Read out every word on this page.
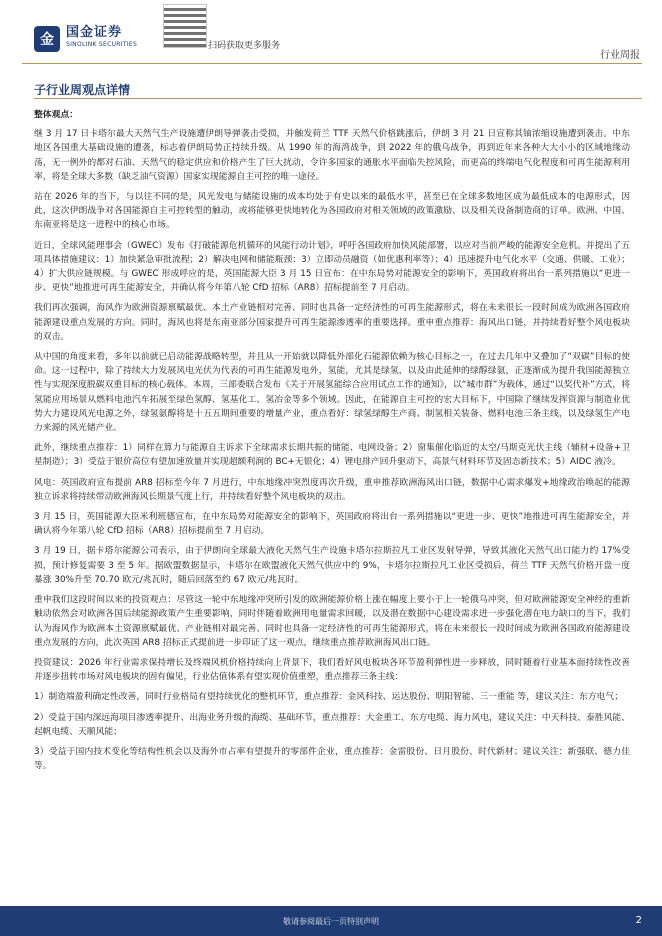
金 国金证券
SINOLINK SECURITIES	扫码获取更多服务
行业周报
子行业周观点详情

整体观点：

继 3 月 17 日卡塔尔最大天然气生产设施遭伊朗导弹袭击受损，并触发荷兰 TTF 天然气价格跳涨后，伊朗 3 月 21 日宣称其铀浓缩设施遭到袭击。中东地区各国重大基础设施的遭袭，标志着伊朗局势正持续升级。从 1990 年的海湾战争，到 2022 年的俄乌战争，再到近年来各种大大小小的区域地缘动荡，无一例外的都对石油、天然气的稳定供应和价格产生了巨大扰动，令许多国家的通胀水平面临失控风险，而更高的终端电气化程度和可再生能源利用率，将是全球大多数（缺乏油气资源）国家实现能源自主可控的唯一途径。

站在 2026 年的当下，与以往不同的是，风光发电与储能设施的成本均处于有史以来的最低水平，甚至已在全球多数地区成为最低成本的电源形式，因此，这次伊朗战争对各国能源自主可控转型的触动，或将能够更快地转化为各国政府对相关领域的政策激励、以及相关设备制造商的订单。欧洲、中国、东南亚将是这一进程中的核心市场。

近日，全球风能理事会（GWEC）发布《打破能源危机循环的风能行动计划》，呼吁各国政府加快风能部署，以应对当前严峻的能源安全危机。并提出了五项具体措施建议：1）加快紧急审批流程；2）解决电网和储能瓶颈；3）立即动员融资（如优惠利率等）；4）迅速提升电气化水平（交通、供暖、工业）；4）扩大供应链规模。与 GWEC 形成呼应的是，英国能源大臣 3 月 15 日宣布：在中东局势对能源安全的影响下，英国政府将出台一系列措施以“更进一步、更快”地推进可再生能源安全，并确认将今年第八轮 CfD 招标（AR8）招标提前至 7 月启动。

我们再次强调，海风作为欧洲资源禀赋最优、本土产业链相对完善、同时也具备一定经济性的可再生能源形式，将在未来很长一段时间成为欧洲各国政府能源建设重点发展的方向。同时，海风也将是东南亚部分国家提升可再生能源渗透率的重要选择。重申重点推荐：海风出口链，并持续看好整个风电板块的双击。

从中国的角度来看，多年以前就已启动能源战略转型，并且从一开始就以降低外部化石能源依赖为核心目标之一，在过去几年中又叠加了“双碳”目标的使命。这一过程中，除了持续大力发展风电光伏为代表的可再生能源发电外，氢能，尤其是绿氢，以及由此延伸的绿醇绿氨，正逐渐成为提升我国能源独立性与实现深度脱碳双重目标的核心载体。本周，三部委联合发布《关于开展氢能综合应用试点工作的通知》，以“城市群”为载体，通过“以奖代补”方式，将氢能应用场景从燃料电池汽车拓展至绿色氢醇、氢基化工、氢冶金等多个领域。因此，在能源自主可控的宏大目标下，中国除了继续发挥资源与制造业优势大力建设风光电源之外，绿氢氨醇将是十五五期间重要的增量产业，重点看好：绿氢绿醇生产商、制氢相关装备、燃料电池三条主线，以及绿氢生产电力来源的风光储产业。

此外，继续重点推荐：1）同样在算力与能源自主诉求下全球需求长期共振的储能、电网设备；2）窗集催化临近的太空/马斯克光伏主线（辅材+设备+卫星制造）；3）受益于银价高位有望加速放量并实现超额利润的 BC+无银化；4）锂电排产回升驱动下，高景气材料环节及固态新技术；5）AIDC 液冷。

风电：英国政府宣布提前 AR8 招标至今年 7 月进行，中东地缘冲突烈度再次升级，重申推荐欧洲海风出口链，数据中心需求爆发+地缘政治唤起的能源独立诉求将持续带动欧洲海风长期景气度上行，并持续看好整个风电板块的双击。

3 月 15 日，英国能源大臣米利班德宣布，在中东局势对能源安全的影响下，英国政府将出台一系列措施以“更进一步、更快”地推进可再生能源安全，并确认将今年第八轮 CfD 招标（AR8）招标提前至 7 月启动。

3 月 19 日，据卡塔尔能源公司表示，由于伊朗向全球最大液化天然气生产设施卡塔尔拉斯拉凡工业区发射导弹，导致其液化天然气出口能力约 17%受损，预计修复需要 3 至 5 年。据欧盟数据显示，卡塔尔在欧盟液化天然气供应中约 9%，卡塔尔拉斯拉凡工业区受损后，荷兰 TTF 天然气价格开盘一度暴涨 30%升至 70.70 欧元/兆瓦时，随后回落至约 67 欧元/兆瓦时。

重申我们这段时间以来的投资观点：尽管这一轮中东地缘冲突所引发的欧洲能源价格上涨在幅度上要小于上一轮俄乌冲突，但对欧洲能源安全神经的重新触动依然会对欧洲各国后续能源政策产生重要影响，同时伴随着欧洲用电量需求回暖，以及潜在数据中心建设需求进一步强化潜在电力缺口的当下，我们认为海风作为欧洲本土资源禀赋最优、产业链相对最完善、同时也具备一定经济性的可再生能源形式，将在未来很长一段时间成为欧洲各国政府能源建设重点发展的方向，此次英国 AR8 招标正式提前进一步印证了这一观点，继续重点推荐欧洲海风出口链。

投资建议：2026 年行业需求保持增长及终端风机价格持续向上背景下，我们看好风电板块各环节盈利弹性进一步释放，同时随着行业基本面持续性改善并逐步扭转市场对风电板块的固有偏见，行业估值体系有望实现价值重塑，重点推荐三条主线：

1）制造端盈利确定性改善，同时行业格局有望持续优化的整机环节，重点推荐：金风科技、运达股份、明阳智能、三一重能 等，建议关注：东方电气；

2）受益于国内深远海项目渗透率提升、出海业务升级的海缆、基础环节，重点推荐：大金重工、东方电缆、海力风电，建议关注：中天科技、泰胜风能、起帆电缆、天顺风能；

3）受益于国内技术变化等结构性机会以及海外市占率有望提升的零部件企业，重点推荐：金雷股份、日月股份、时代新材；建议关注：新强联、德力佳 等。

敬请参阅最后一页特别声明	2
